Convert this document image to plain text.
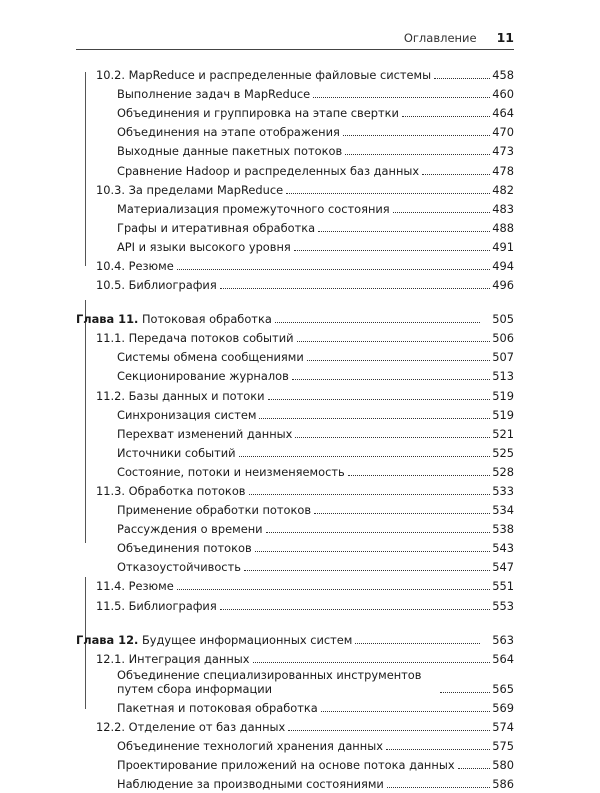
Оглавление 11
10.2. MapReduce и распределенные файловые системы	458
Выполнение задач в MapReduce	460
Объединения и группировка на этапе свертки	464
Объединения на этапе отображения	470
Выходные данные пакетных потоков	473
Сравнение Hadoop и распределенных баз данных	478
10.3. За пределами MapReduce	482
Материализация промежуточного состояния	483
Графы и итеративная обработка	488
API и языки высокого уровня	491
10.4. Резюме	494
10.5. Библиография	496
Глава 11. Потоковая обработка	505
11.1. Передача потоков событий	506
Системы обмена сообщениями	507
Секционирование журналов	513
11.2. Базы данных и потоки	519
Синхронизация систем	519
Перехват изменений данных	521
Источники событий	525
Состояние, потоки и неизменяемость	528
11.3. Обработка потоков	533
Применение обработки потоков	534
Рассуждения о времени	538
Объединения потоков	543
Отказоустойчивость	547
11.4. Резюме	551
11.5. Библиография	553
Глава 12. Будущее информационных систем	563
12.1. Интеграция данных	564
Объединение специализированных инструментов путем сбора информации	565
Пакетная и потоковая обработка	569
12.2. Отделение от баз данных	574
Объединение технологий хранения данных	575
Проектирование приложений на основе потока данных	580
Наблюдение за производными состояниями	586
